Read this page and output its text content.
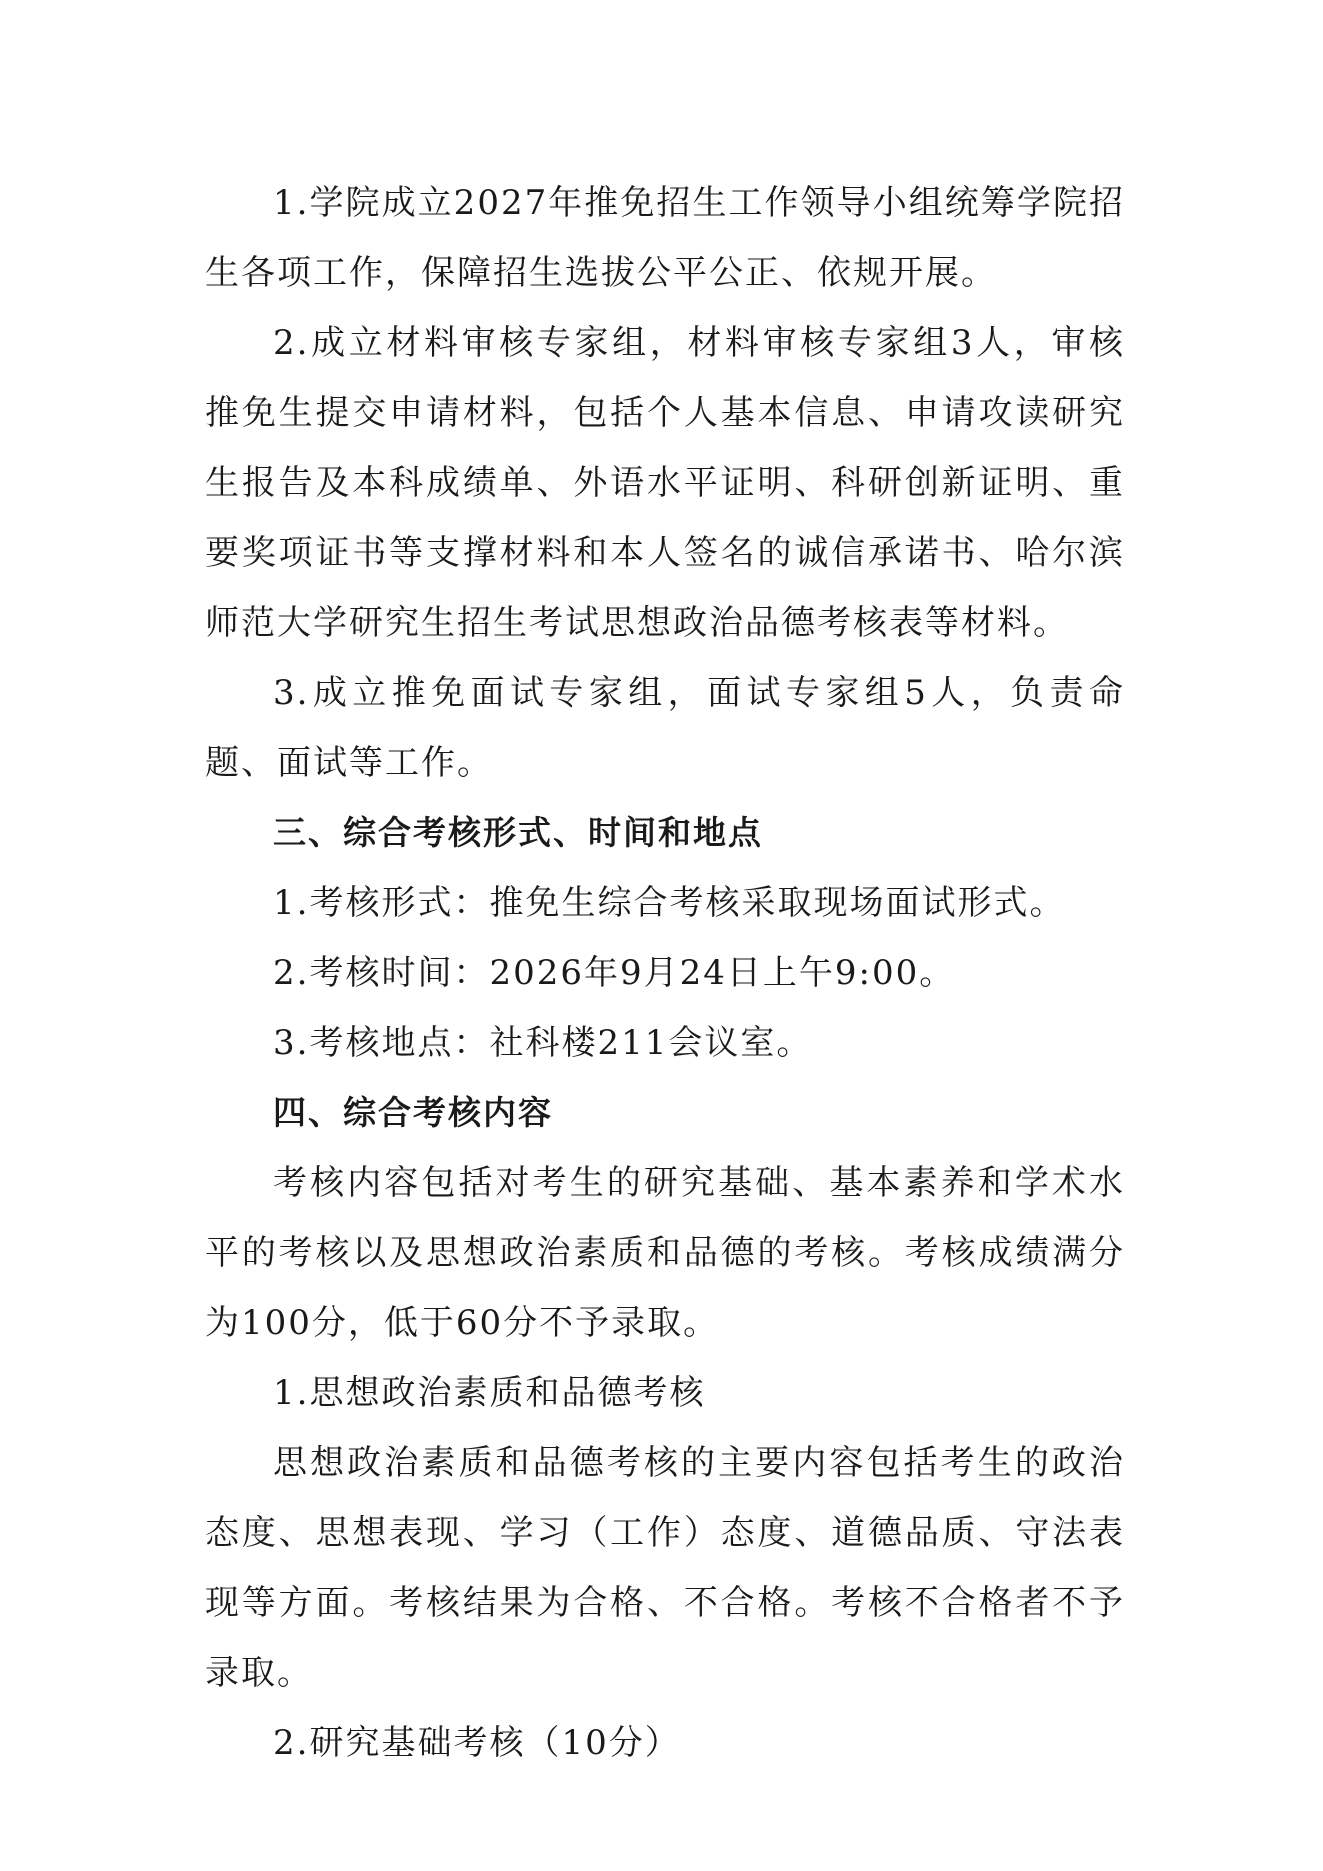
1.学院成立2027年推免招生工作领导小组统筹学院招生各项工作，保障招生选拔公平公正、依规开展。

2.成立材料审核专家组，材料审核专家组3人，审核推免生提交申请材料，包括个人基本信息、申请攻读研究生报告及本科成绩单、外语水平证明、科研创新证明、重要奖项证书等支撑材料和本人签名的诚信承诺书、哈尔滨师范大学研究生招生考试思想政治品德考核表等材料。

3.成立推免面试专家组，面试专家组5人，负责命题、面试等工作。

三、综合考核形式、时间和地点

1.考核形式：推免生综合考核采取现场面试形式。

2.考核时间：2026年9月24日上午9:00。

3.考核地点：社科楼211会议室。

四、综合考核内容

考核内容包括对考生的研究基础、基本素养和学术水平的考核以及思想政治素质和品德的考核。考核成绩满分为100分，低于60分不予录取。

1.思想政治素质和品德考核

思想政治素质和品德考核的主要内容包括考生的政治态度、思想表现、学习（工作）态度、道德品质、守法表现等方面。考核结果为合格、不合格。考核不合格者不予录取。

2.研究基础考核（10分）
